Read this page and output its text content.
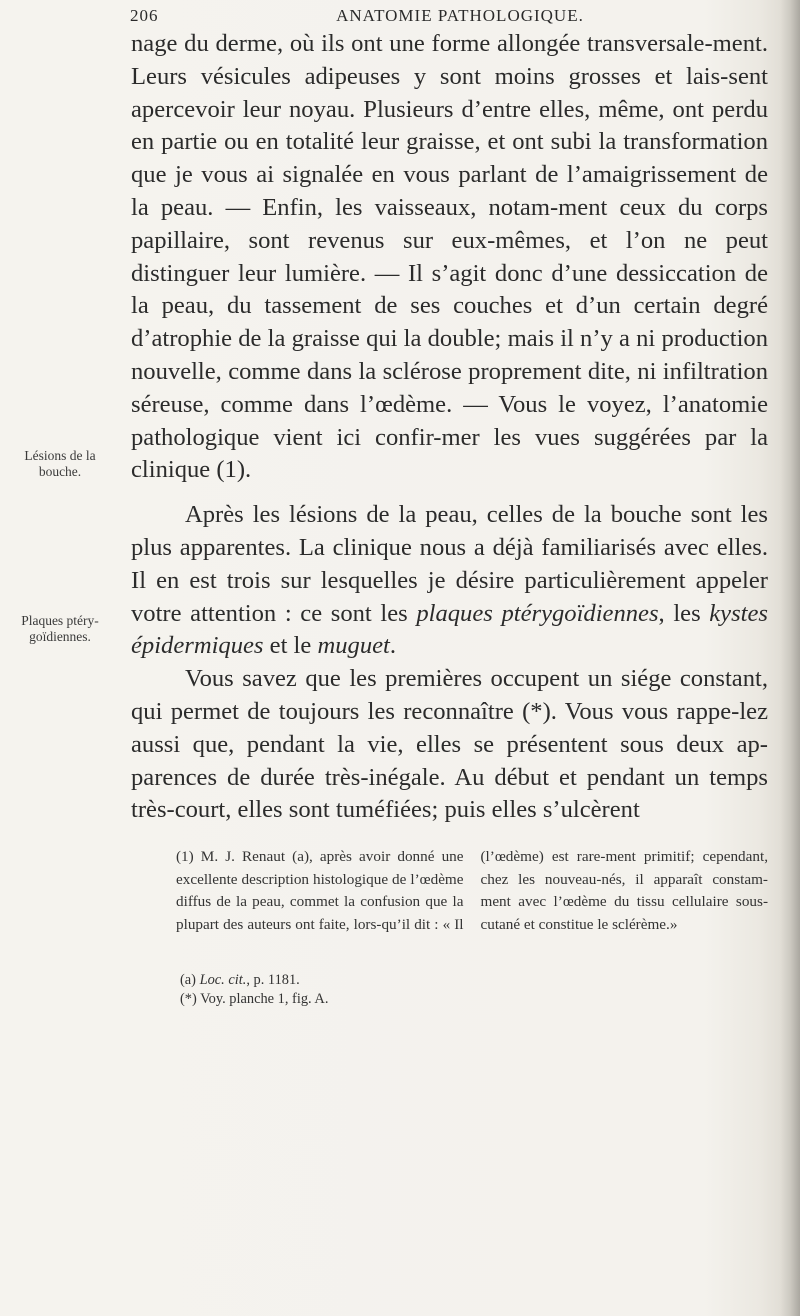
206	ANATOMIE PATHOLOGIQUE.
Lésions de la bouche.
Plaques ptéry-goïdiennes.

nage du derme, où ils ont une forme allongée transversale-ment. Leurs vésicules adipeuses y sont moins grosses et lais-sent apercevoir leur noyau. Plusieurs d’entre elles, même, ont perdu en partie ou en totalité leur graisse, et ont subi la transformation que je vous ai signalée en vous parlant de l’amaigrissement de la peau. — Enfin, les vaisseaux, notam-ment ceux du corps papillaire, sont revenus sur eux-mêmes, et l’on ne peut distinguer leur lumière. — Il s’agit donc d’une dessiccation de la peau, du tassement de ses couches et d’un certain degré d’atrophie de la graisse qui la double; mais il n’y a ni production nouvelle, comme dans la sclérose proprement dite, ni infiltration séreuse, comme dans l’œdème. — Vous le voyez, l’anatomie pathologique vient ici confir-mer les vues suggérées par la clinique (1).

Après les lésions de la peau, celles de la bouche sont les plus apparentes. La clinique nous a déjà familiarisés avec elles. Il en est trois sur lesquelles je désire particulièrement appeler votre attention : ce sont les plaques ptérygoïdiennes, les kystes épidermiques et le muguet.

Vous savez que les premières occupent un siége constant, qui permet de toujours les reconnaître (*). Vous vous rappe-lez aussi que, pendant la vie, elles se présentent sous deux ap-parences de durée très-inégale. Au début et pendant un temps très-court, elles sont tuméfiées; puis elles s’ulcèrent

(1) M. J. Renaut (a), après avoir donné une excellente description histologique de l’œdème diffus de la peau, commet la confusion que la plupart des auteurs ont faite, lors-qu’il dit : « Il (l’œdème) est rare-ment primitif; cependant, chez les nouveau-nés, il apparaît constam-ment avec l’œdème du tissu cellulaire sous-cutané et constitue le sclérème.»

(a) Loc. cit., p. 1181.

(*) Voy. planche 1, fig. A.
